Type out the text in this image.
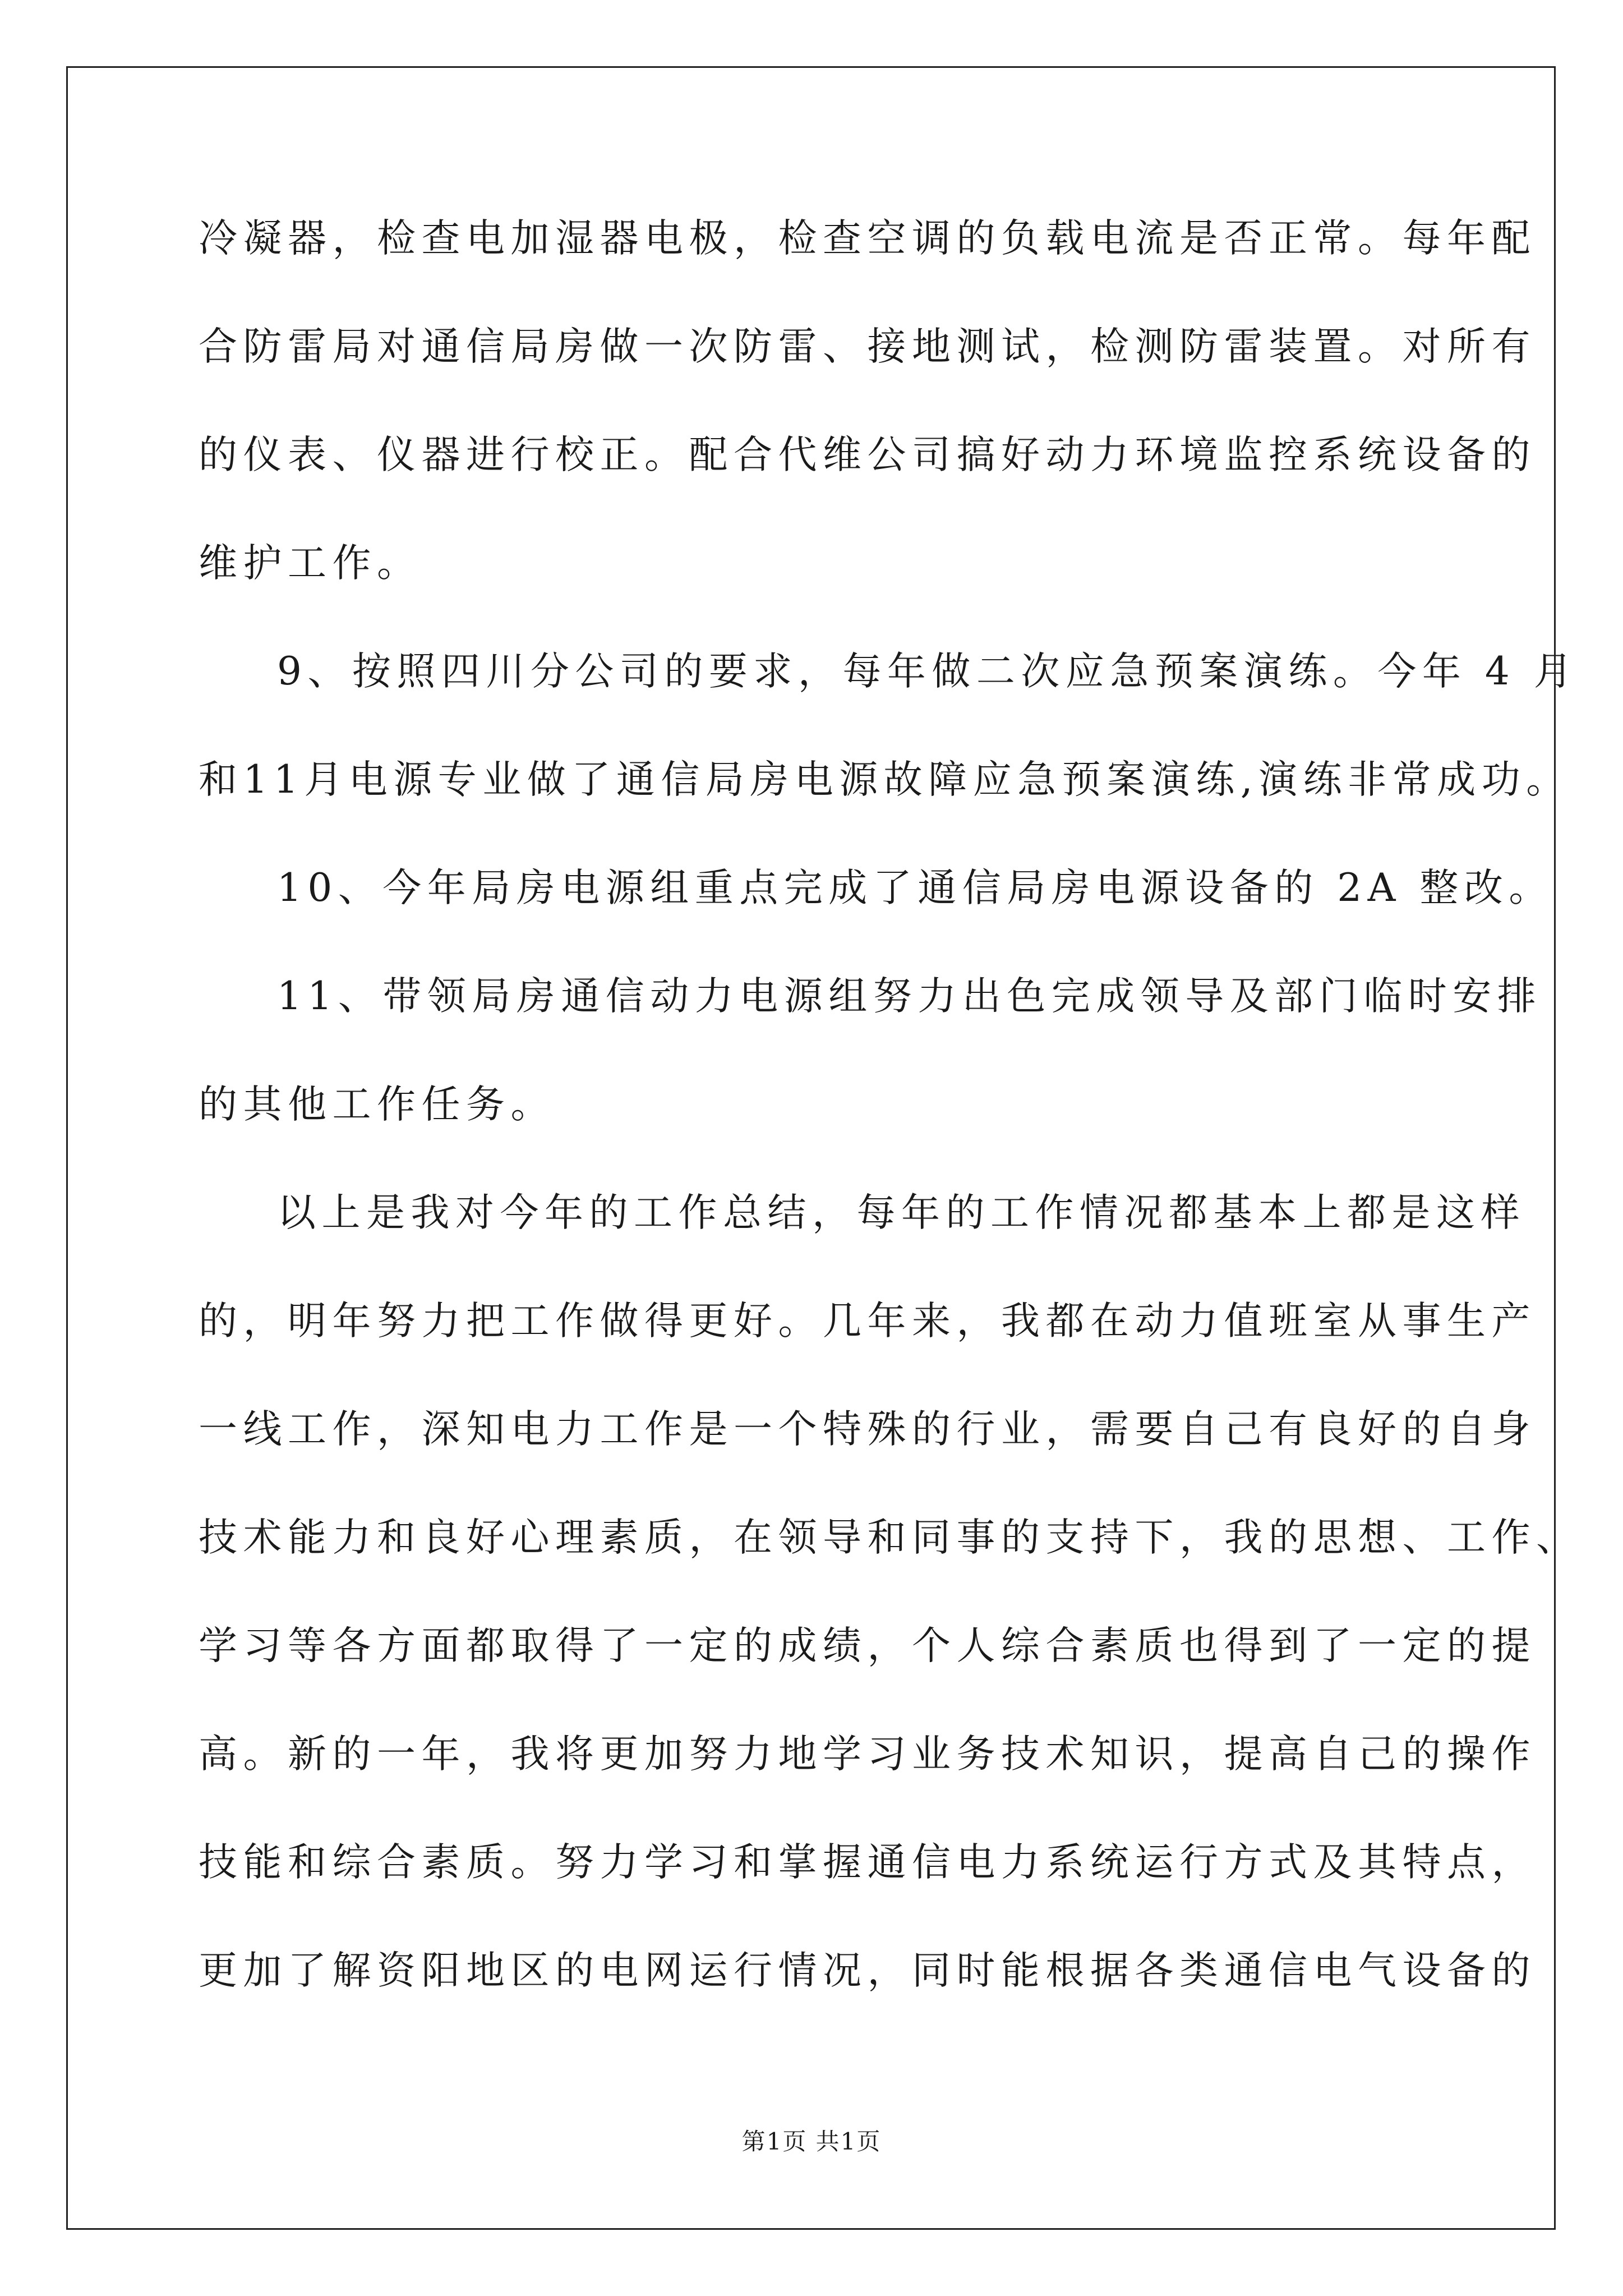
冷凝器，检查电加湿器电极，检查空调的负载电流是否正常。每年配
合防雷局对通信局房做一次防雷、接地测试，检测防雷装置。对所有
的仪表、仪器进行校正。配合代维公司搞好动力环境监控系统设备的
维护工作。
9、按照四川分公司的要求，每年做二次应急预案演练。今年 4 月
和11月电源专业做了通信局房电源故障应急预案演练,演练非常成功。
10、今年局房电源组重点完成了通信局房电源设备的 2A 整改。
11、带领局房通信动力电源组努力出色完成领导及部门临时安排
的其他工作任务。
以上是我对今年的工作总结，每年的工作情况都基本上都是这样
的，明年努力把工作做得更好。几年来，我都在动力值班室从事生产
一线工作，深知电力工作是一个特殊的行业，需要自己有良好的自身
技术能力和良好心理素质，在领导和同事的支持下，我的思想、工作、
学习等各方面都取得了一定的成绩，个人综合素质也得到了一定的提
高。新的一年，我将更加努力地学习业务技术知识，提高自己的操作
技能和综合素质。努力学习和掌握通信电力系统运行方式及其特点，
更加了解资阳地区的电网运行情况，同时能根据各类通信电气设备的
第1页 共1页
